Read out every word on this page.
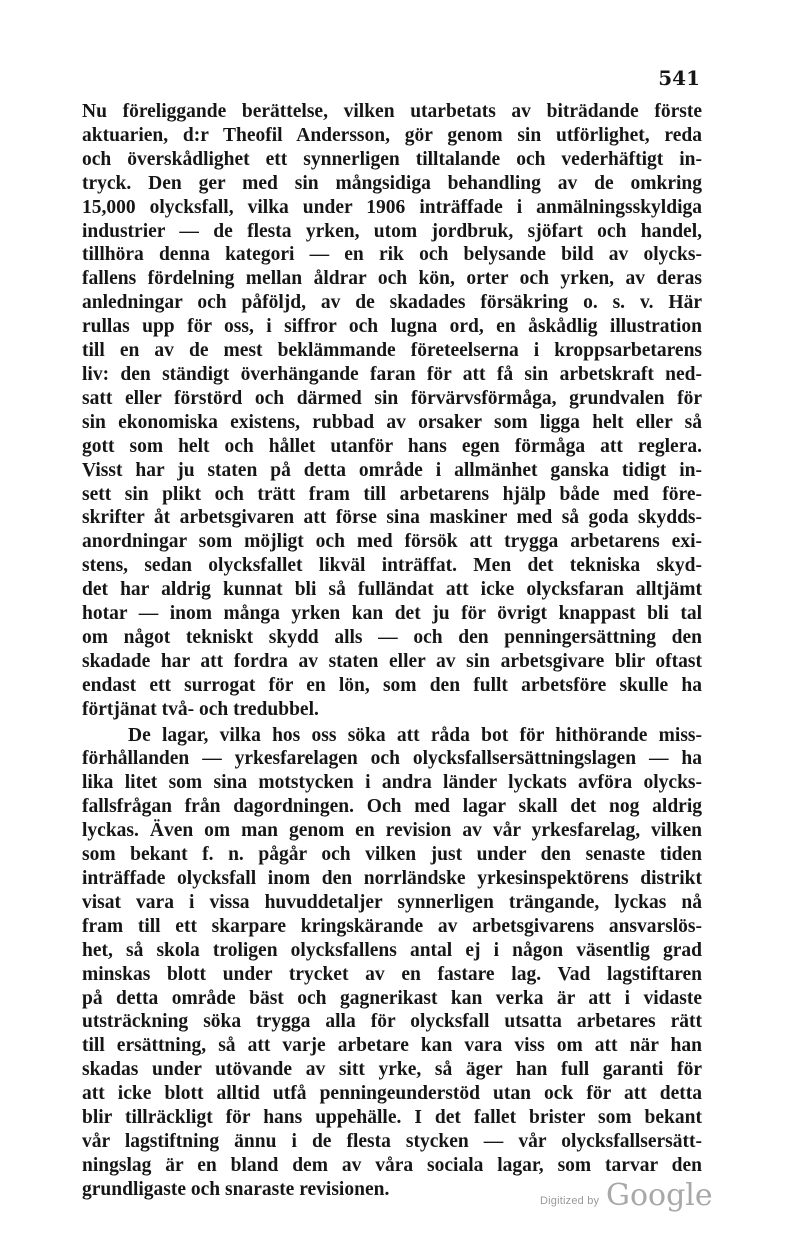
541
Nu föreliggande berättelse, vilken utarbetats av biträdande förste
aktuarien, d:r Theofil Andersson, gör genom sin utförlighet, reda
och överskådlighet ett synnerligen tilltalande och vederhäftigt in-
tryck. Den ger med sin mångsidiga behandling av de omkring
15,000 olycksfall, vilka under 1906 inträffade i anmälningsskyldiga
industrier — de flesta yrken, utom jordbruk, sjöfart och handel,
tillhöra denna kategori — en rik och belysande bild av olycks-
fallens fördelning mellan åldrar och kön, orter och yrken, av deras
anledningar och påföljd, av de skadades försäkring o. s. v. Här
rullas upp för oss, i siffror och lugna ord, en åskådlig illustration
till en av de mest beklämmande företeelserna i kroppsarbetarens
liv: den ständigt överhängande faran för att få sin arbetskraft ned-
satt eller förstörd och därmed sin förvärvsförmåga, grundvalen för
sin ekonomiska existens, rubbad av orsaker som ligga helt eller så
gott som helt och hållet utanför hans egen förmåga att reglera.
Visst har ju staten på detta område i allmänhet ganska tidigt in-
sett sin plikt och trätt fram till arbetarens hjälp både med före-
skrifter åt arbetsgivaren att förse sina maskiner med så goda skydds-
anordningar som möjligt och med försök att trygga arbetarens exi-
stens, sedan olycksfallet likväl inträffat. Men det tekniska skyd-
det har aldrig kunnat bli så fulländat att icke olycksfaran alltjämt
hotar — inom många yrken kan det ju för övrigt knappast bli tal
om något tekniskt skydd alls — och den penningersättning den
skadade har att fordra av staten eller av sin arbetsgivare blir oftast
endast ett surrogat för en lön, som den fullt arbetsföre skulle ha
förtjänat två- och tredubbel.
De lagar, vilka hos oss söka att råda bot för hithörande miss-
förhållanden — yrkesfarelagen och olycksfallsersättningslagen — ha
lika litet som sina motstycken i andra länder lyckats avföra olycks-
fallsfrågan från dagordningen. Och med lagar skall det nog aldrig
lyckas. Även om man genom en revision av vår yrkesfarelag, vilken
som bekant f. n. pågår och vilken just under den senaste tiden
inträffade olycksfall inom den norrländske yrkesinspektörens distrikt
visat vara i vissa huvuddetaljer synnerligen trängande, lyckas nå
fram till ett skarpare kringskärande av arbetsgivarens ansvarslös-
het, så skola troligen olycksfallens antal ej i någon väsentlig grad
minskas blott under trycket av en fastare lag. Vad lagstiftaren
på detta område bäst och gagnerikast kan verka är att i vidaste
utsträckning söka trygga alla för olycksfall utsatta arbetares rätt
till ersättning, så att varje arbetare kan vara viss om att när han
skadas under utövande av sitt yrke, så äger han full garanti för
att icke blott alltid utfå penningeunderstöd utan ock för att detta
blir tillräckligt för hans uppehälle. I det fallet brister som bekant
vår lagstiftning ännu i de flesta stycken — vår olycksfallsersätt-
ningslag är en bland dem av våra sociala lagar, som tarvar den
grundligaste och snaraste revisionen.
Digitized by Google
